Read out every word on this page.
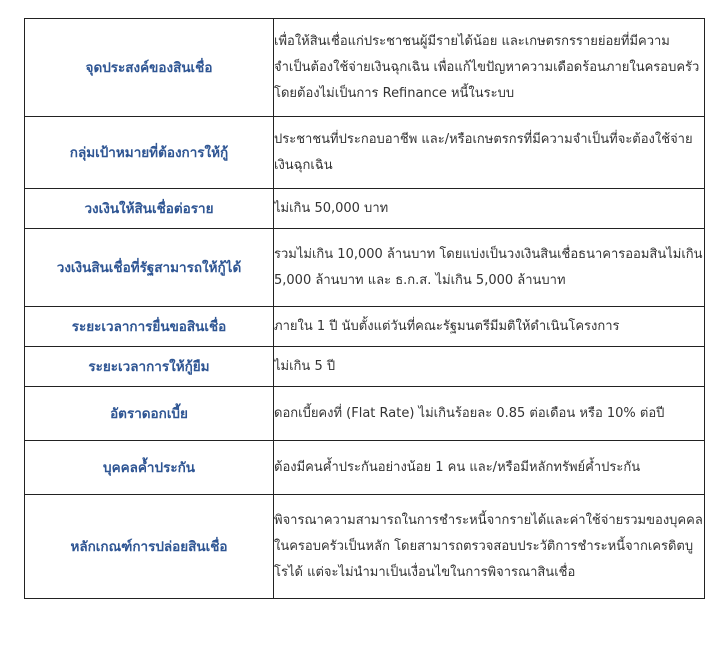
จุดประสงค์ของสินเชื่อ	เพื่อให้สินเชื่อแก่ประชาชนผู้มีรายได้น้อย และเกษตรกรรายย่อยที่มีความจำเป็นต้องใช้จ่ายเงินฉุกเฉิน เพื่อแก้ไขปัญหาความเดือดร้อนภายในครอบครัว โดยต้องไม่เป็นการ Refinance หนี้ในระบบ
กลุ่มเป้าหมายที่ต้องการให้กู้	ประชาชนที่ประกอบอาชีพ และ/หรือเกษตรกรที่มีความจำเป็นที่จะต้องใช้จ่ายเงินฉุกเฉิน
วงเงินให้สินเชื่อต่อราย	ไม่เกิน 50,000 บาท
วงเงินสินเชื่อที่รัฐสามารถให้กู้ได้	รวมไม่เกิน 10,000 ล้านบาท โดยแบ่งเป็นวงเงินสินเชื่อธนาคารออมสินไม่เกิน 5,000 ล้านบาท และ ธ.ก.ส. ไม่เกิน 5,000 ล้านบาท
ระยะเวลาการยื่นขอสินเชื่อ	ภายใน 1 ปี นับตั้งแต่วันที่คณะรัฐมนตรีมีมติให้ดำเนินโครงการ
ระยะเวลาการให้กู้ยืม	ไม่เกิน 5 ปี
อัตราดอกเบี้ย	ดอกเบี้ยคงที่ (Flat Rate) ไม่เกินร้อยละ 0.85 ต่อเดือน หรือ 10% ต่อปี
บุคคลค้ำประกัน	ต้องมีคนค้ำประกันอย่างน้อย 1 คน และ/หรือมีหลักทรัพย์ค้ำประกัน
หลักเกณฑ์การปล่อยสินเชื่อ	พิจารณาความสามารถในการชำระหนี้จากรายได้และค่าใช้จ่ายรวมของบุคคลในครอบครัวเป็นหลัก โดยสามารถตรวจสอบประวัติการชำระหนี้จากเครดิตบูโรได้ แต่จะไม่นำมาเป็นเงื่อนไขในการพิจารณาสินเชื่อ
